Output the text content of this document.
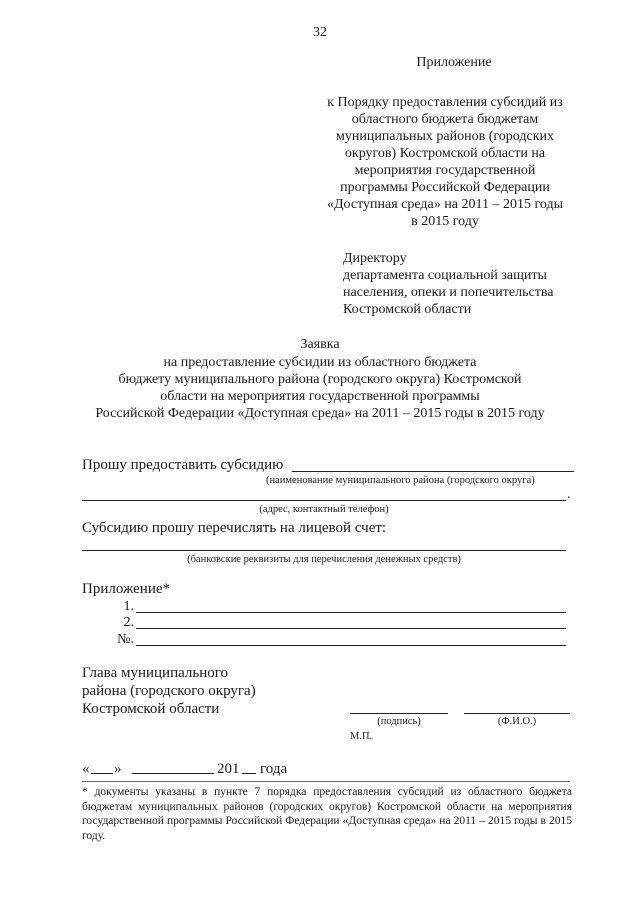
32
Приложение
к Порядку предоставления субсидий из
областного бюджета бюджетам
муниципальных районов (городских
округов) Костромской области на
мероприятия государственной
программы Российской Федерации
«Доступная среда» на 2011 – 2015 годы
в 2015 году
Директору
департамента социальной защиты
населения, опеки и попечительства
Костромской области
Заявка
на предоставление субсидии из областного бюджета
бюджету муниципального района (городского округа) Костромской
области на мероприятия государственной программы
Российской Федерации «Доступная среда» на 2011 – 2015 годы в 2015 году
Прошу предоставить субсидию
(наименование муниципального района (городского округа)
.
(адрес, контактный телефон)
Субсидию прошу перечислять на лицевой счет:
(банковские реквизиты для перечисления денежных средств)
Приложение*
1.
2.
№.
Глава муниципального
района (городского округа)
Костромской области
(подпись)	(Ф.И.О.)
М.П.
« »	201 года
* документы указаны в пункте 7 порядка предоставления субсидий из областного бюджета бюджетам муниципальных районов (городских округов) Костромской области на мероприятия государственной программы Российской Федерации «Доступная среда» на 2011 – 2015 годы в 2015 году.
